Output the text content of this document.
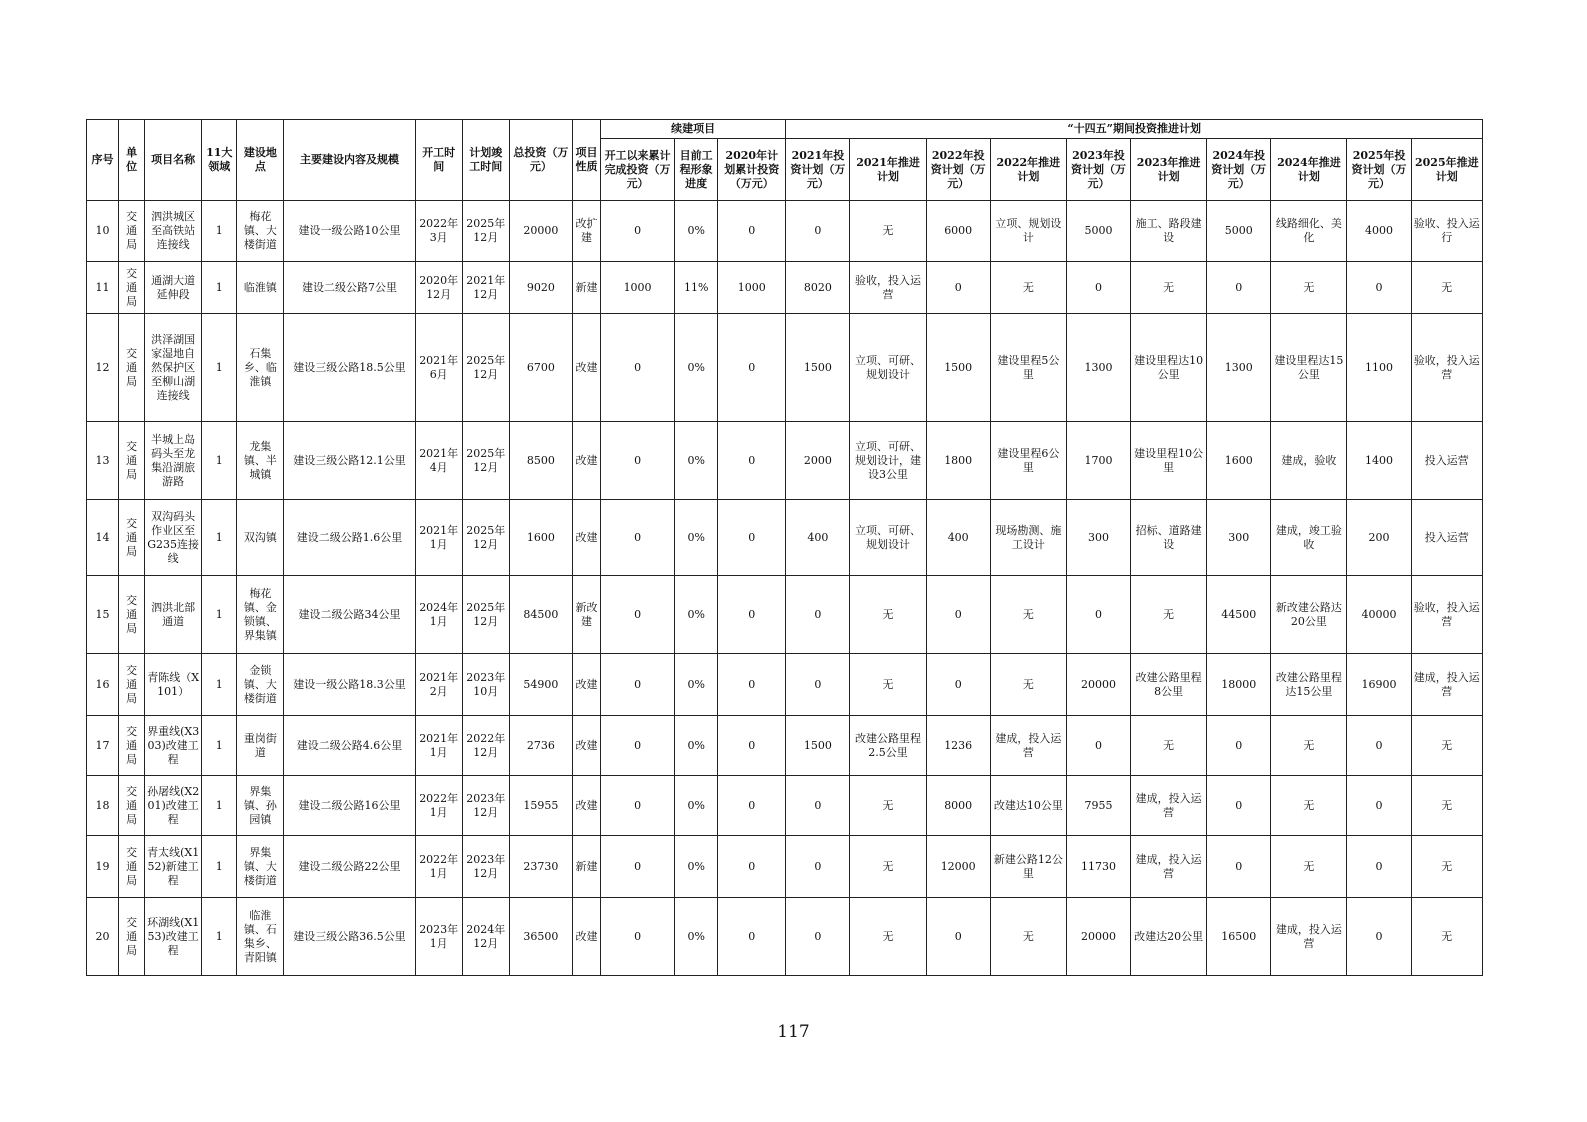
序号	单位	项目名称	11大领域	建设地点	主要建设内容及规模	开工时间	计划竣工时间	总投资（万元）	项目性质	续建项目			“十四五”期间投资推进计划									
										开工以来累计完成投资（万元）	目前工程形象进度	2020年计划累计投资（万元）	2021年投资计划（万元）	2021年推进计划	2022年投资计划（万元）	2022年推进计划	2023年投资计划（万元）	2023年推进计划	2024年投资计划（万元）	2024年推进计划	2025年投资计划（万元）	2025年推进计划
10	交通局	泗洪城区至高铁站连接线	1	梅花镇、大楼街道	建设一级公路10公里	2022年3月	2025年12月	20000	改扩建	0	0%	0	0	无	6000	立项、规划设计	5000	施工、路段建设	5000	线路细化、美化	4000	验收、投入运行
11	交通局	通湖大道延伸段	1	临淮镇	建设二级公路7公里	2020年12月	2021年12月	9020	新建	1000	11%	1000	8020	验收，投入运营	0	无	0	无	0	无	0	无
12	交通局	洪泽湖国家湿地自然保护区至柳山湖连接线	1	石集乡、临淮镇	建设三级公路18.5公里	2021年6月	2025年12月	6700	改建	0	0%	0	1500	立项、可研、规划设计	1500	建设里程5公里	1300	建设里程达10公里	1300	建设里程达15公里	1100	验收，投入运营
13	交通局	半城上岛码头至龙集沿湖旅游路	1	龙集镇、半城镇	建设三级公路12.1公里	2021年4月	2025年12月	8500	改建	0	0%	0	2000	立项、可研、规划设计，建设3公里	1800	建设里程6公里	1700	建设里程10公里	1600	建成，验收	1400	投入运营
14	交通局	双沟码头作业区至G235连接线	1	双沟镇	建设二级公路1.6公里	2021年1月	2025年12月	1600	改建	0	0%	0	400	立项、可研、规划设计	400	现场勘测、施工设计	300	招标、道路建设	300	建成，竣工验收	200	投入运营
15	交通局	泗洪北部通道	1	梅花镇、金锁镇、界集镇	建设二级公路34公里	2024年1月	2025年12月	84500	新改建	0	0%	0	0	无	0	无	0	无	44500	新改建公路达20公里	40000	验收，投入运营
16	交通局	青陈线（X101）	1	金锁镇、大楼街道	建设一级公路18.3公里	2021年2月	2023年10月	54900	改建	0	0%	0	0	无	0	无	20000	改建公路里程8公里	18000	改建公路里程达15公里	16900	建成，投入运营
17	交通局	界重线(X303)改建工程	1	重岗街道	建设二级公路4.6公里	2021年1月	2022年12月	2736	改建	0	0%	0	1500	改建公路里程2.5公里	1236	建成，投入运营	0	无	0	无	0	无
18	交通局	孙屠线(X201)改建工程	1	界集镇、孙园镇	建设二级公路16公里	2022年1月	2023年12月	15955	改建	0	0%	0	0	无	8000	改建达10公里	7955	建成，投入运营	0	无	0	无
19	交通局	青太线(X152)新建工程	1	界集镇、大楼街道	建设二级公路22公里	2022年1月	2023年12月	23730	新建	0	0%	0	0	无	12000	新建公路12公里	11730	建成，投入运营	0	无	0	无
20	交通局	环湖线(X153)改建工程	1	临淮镇、石集乡、青阳镇	建设三级公路36.5公里	2023年1月	2024年12月	36500	改建	0	0%	0	0	无	0	无	20000	改建达20公里	16500	建成，投入运营	0	无
117
